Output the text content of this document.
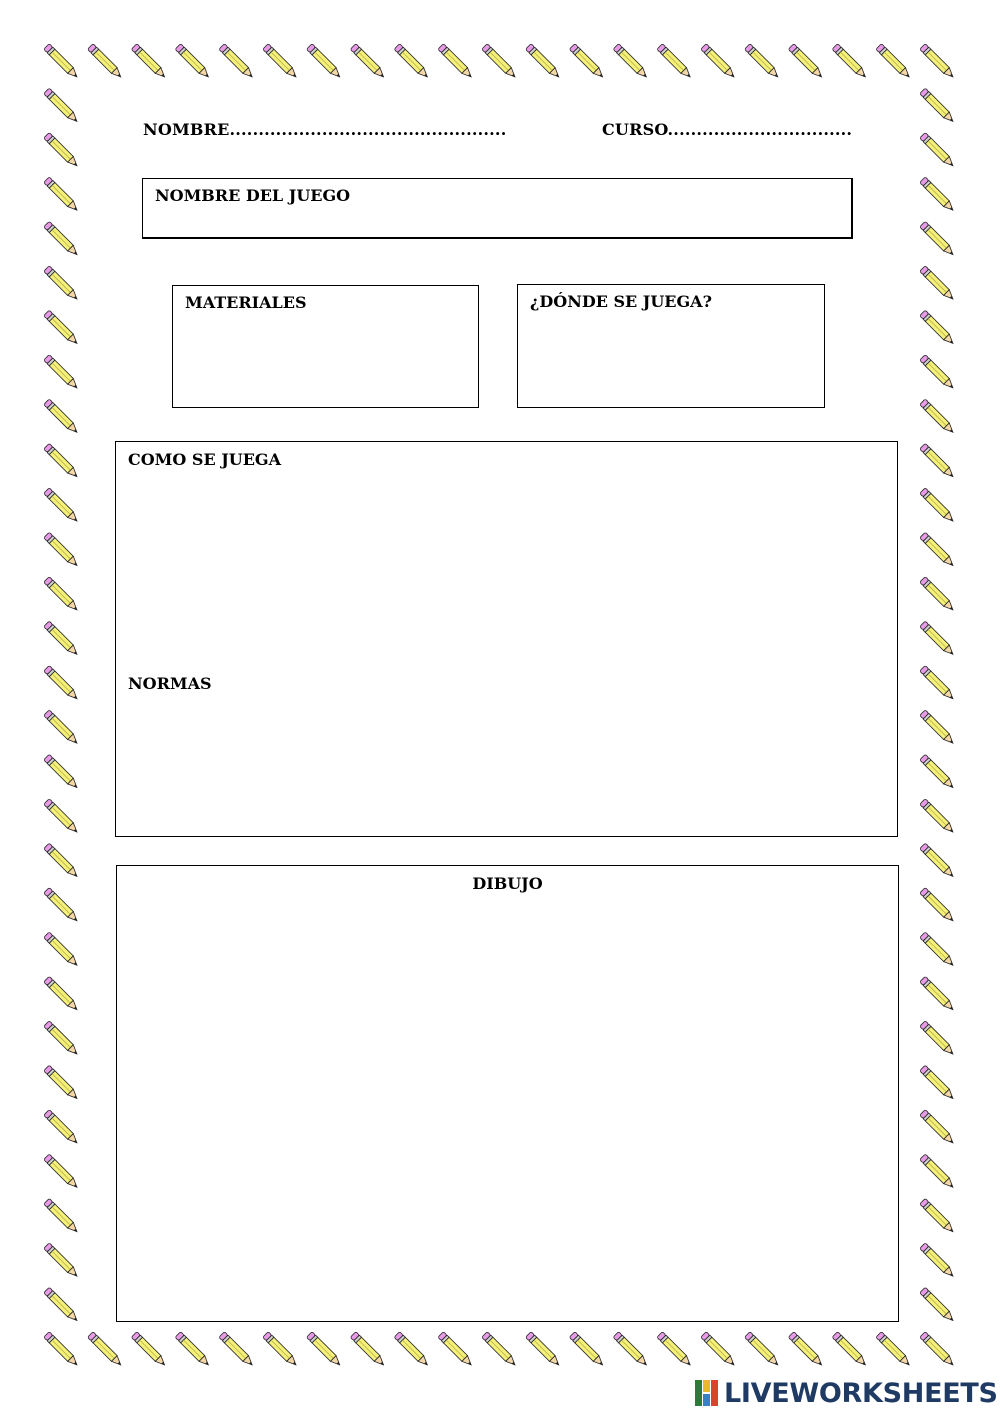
NOMBRE................................................	CURSO................................
NOMBRE DEL JUEGO
MATERIALES	¿DÓNDE SE JUEGA?
COMO SE JUEGA
NORMAS
DIBUJO
LIVEWORKSHEETS
